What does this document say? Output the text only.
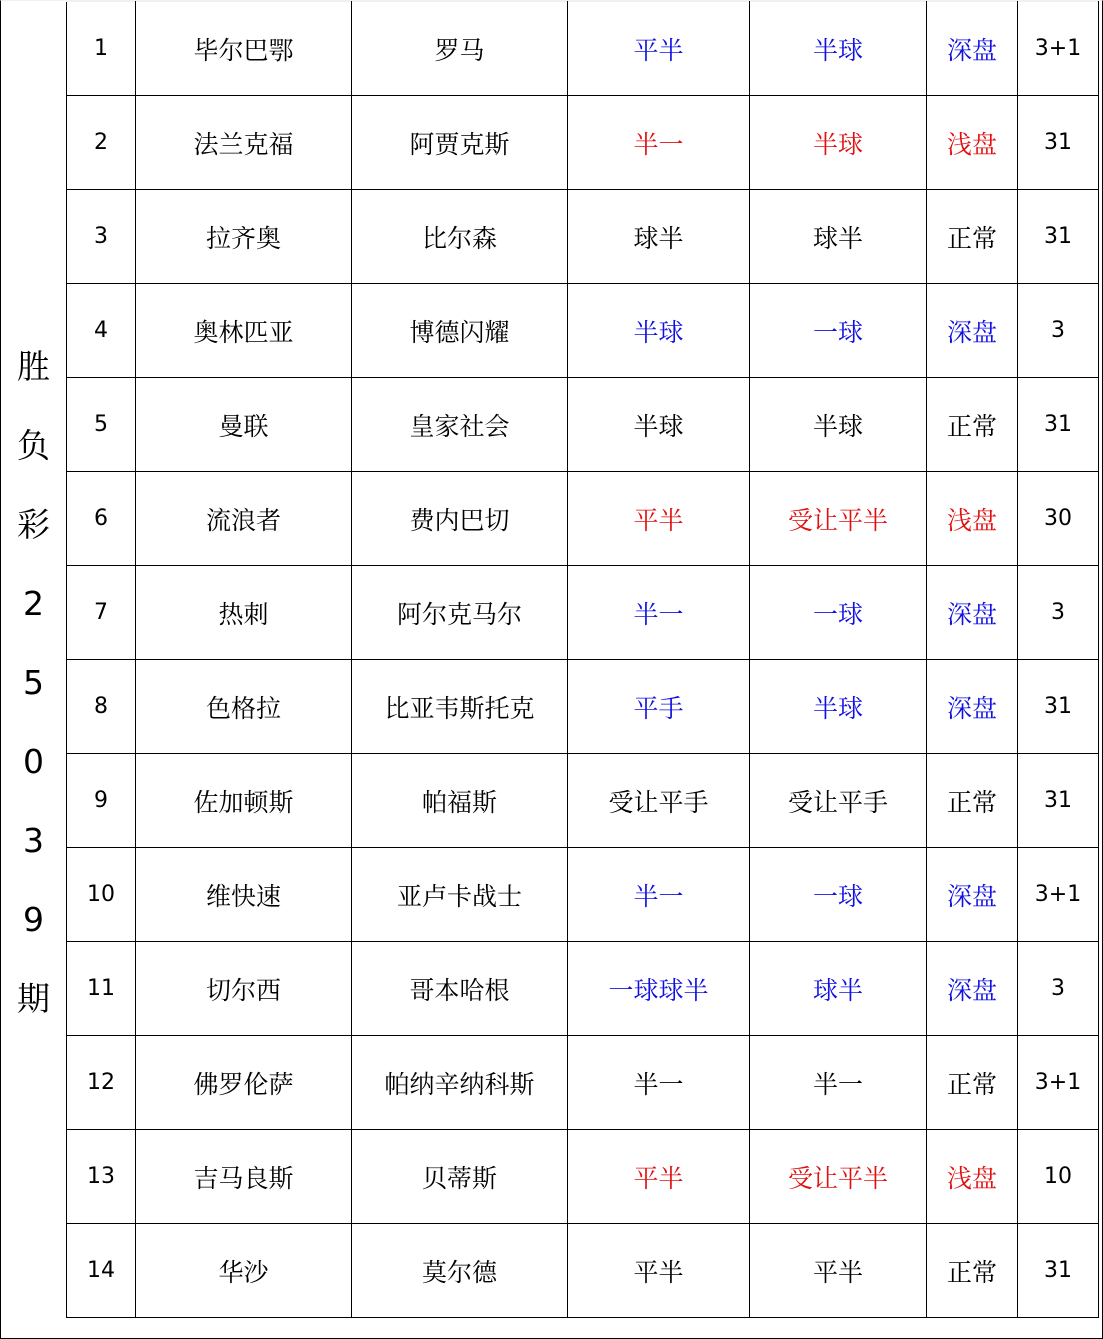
胜
负
彩
2
5
0
3
9
期
1	毕尔巴鄂	罗马	平半	半球	深盘	3+1
2	法兰克福	阿贾克斯	半一	半球	浅盘	31
3	拉齐奥	比尔森	球半	球半	正常	31
4	奥林匹亚	博德闪耀	半球	一球	深盘	3
5	曼联	皇家社会	半球	半球	正常	31
6	流浪者	费内巴切	平半	受让平半	浅盘	30
7	热刺	阿尔克马尔	半一	一球	深盘	3
8	色格拉	比亚韦斯托克	平手	半球	深盘	31
9	佐加顿斯	帕福斯	受让平手	受让平手	正常	31
10	维快速	亚卢卡战士	半一	一球	深盘	3+1
11	切尔西	哥本哈根	一球球半	球半	深盘	3
12	佛罗伦萨	帕纳辛纳科斯	半一	半一	正常	3+1
13	吉马良斯	贝蒂斯	平半	受让平半	浅盘	10
14	华沙	莫尔德	平半	平半	正常	31
